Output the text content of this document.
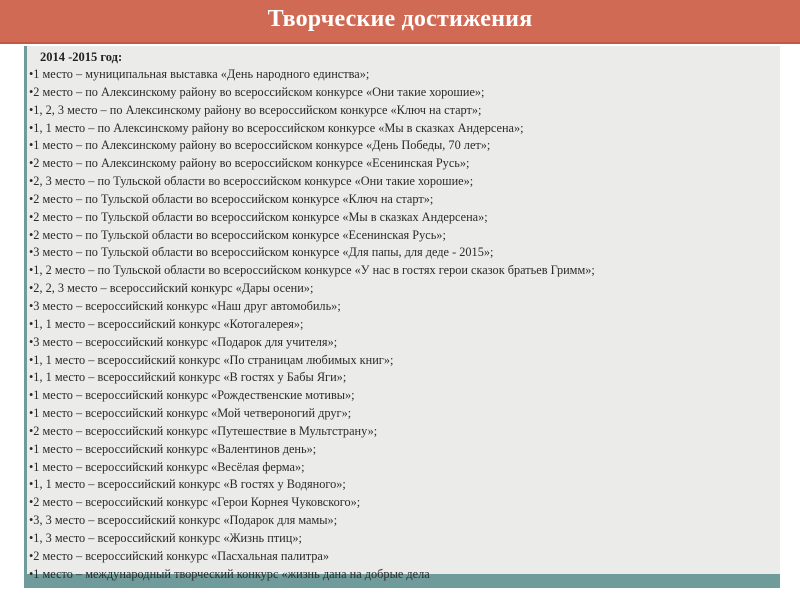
Творческие достижения
2014 -2015 год:
•1 место – муниципальная выставка «День народного единства»;
•2 место – по Алексинскому району во всероссийском конкурсе «Они такие хорошие»;
•1, 2, 3 место – по Алексинскому району во всероссийском конкурсе «Ключ на старт»;
•1, 1 место – по Алексинскому району во всероссийском конкурсе «Мы в сказках Андерсена»;
•1 место – по Алексинскому району во всероссийском конкурсе «День Победы, 70 лет»;
•2 место – по Алексинскому району во всероссийском конкурсе «Есенинская Русь»;
•2, 3 место – по Тульской области во всероссийском конкурсе «Они такие хорошие»;
•2 место – по Тульской области во всероссийском конкурсе «Ключ на старт»;
•2 место – по Тульской области во всероссийском конкурсе «Мы в сказках Андерсена»;
•2 место – по Тульской области во всероссийском конкурсе «Есенинская Русь»;
•3 место – по Тульской области во всероссийском конкурсе «Для папы, для деде - 2015»;
•1, 2 место – по Тульской области во всероссийском конкурсе «У нас в гостях герои сказок братьев Гримм»;
•2, 2, 3 место – всероссийский конкурс «Дары осени»;
•3 место – всероссийский конкурс «Наш друг автомобиль»;
•1, 1 место – всероссийский конкурс «Котогалерея»;
•3 место – всероссийский конкурс «Подарок для учителя»;
•1, 1 место – всероссийский конкурс «По страницам любимых книг»;
•1, 1 место – всероссийский конкурс «В гостях у Бабы Яги»;
•1 место – всероссийский конкурс «Рождественские мотивы»;
•1 место – всероссийский конкурс «Мой четвероногий друг»;
•2 место – всероссийский конкурс «Путешествие в Мультстрану»;
•1 место – всероссийский конкурс «Валентинов день»;
•1 место – всероссийский конкурс «Весёлая ферма»;
•1, 1 место – всероссийский конкурс «В гостях у Водяного»;
•2 место – всероссийский конкурс «Герои Корнея Чуковского»;
•3, 3 место – всероссийский конкурс «Подарок для мамы»;
•1, 3 место – всероссийский конкурс «Жизнь птиц»;
•2 место – всероссийский конкурс «Пасхальная палитра»
•1 место – международный творческий конкурс «жизнь дана на добрые дела
